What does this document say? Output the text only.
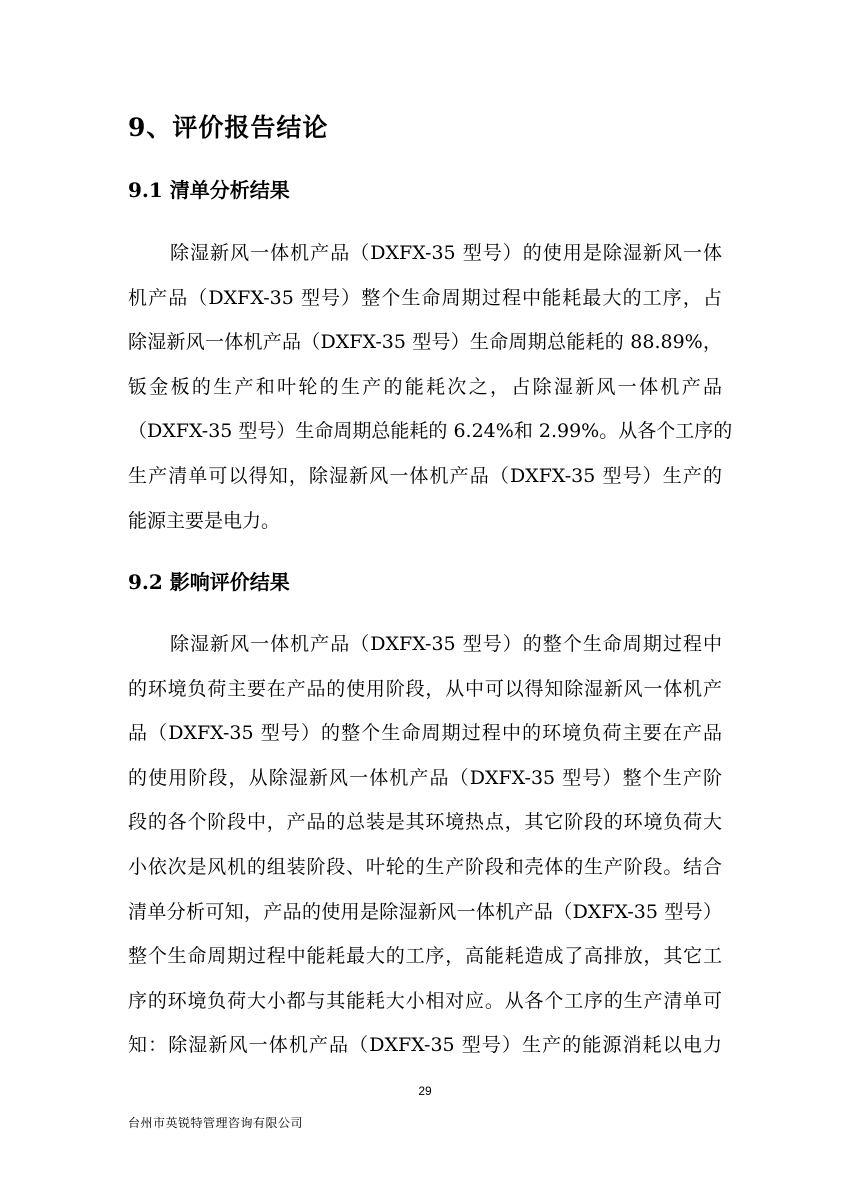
9、评价报告结论
9.1 清单分析结果
除湿新风一体机产品（DXFX-35 型号）的使用是除湿新风一体
机产品（DXFX-35 型号）整个生命周期过程中能耗最大的工序，占
除湿新风一体机产品（DXFX-35 型号）生命周期总能耗的 88.89%，
钣金板的生产和叶轮的生产的能耗次之，占除湿新风一体机产品
（DXFX-35 型号）生命周期总能耗的 6.24%和 2.99%。从各个工序的
生产清单可以得知，除湿新风一体机产品（DXFX-35 型号）生产的
能源主要是电力。
9.2 影响评价结果
除湿新风一体机产品（DXFX-35 型号）的整个生命周期过程中
的环境负荷主要在产品的使用阶段，从中可以得知除湿新风一体机产
品（DXFX-35 型号）的整个生命周期过程中的环境负荷主要在产品
的使用阶段，从除湿新风一体机产品（DXFX-35 型号）整个生产阶
段的各个阶段中，产品的总装是其环境热点，其它阶段的环境负荷大
小依次是风机的组装阶段、叶轮的生产阶段和壳体的生产阶段。结合
清单分析可知，产品的使用是除湿新风一体机产品（DXFX-35 型号）
整个生命周期过程中能耗最大的工序，高能耗造成了高排放，其它工
序的环境负荷大小都与其能耗大小相对应。从各个工序的生产清单可
知：除湿新风一体机产品（DXFX-35 型号）生产的能源消耗以电力
29
台州市英锐特管理咨询有限公司
